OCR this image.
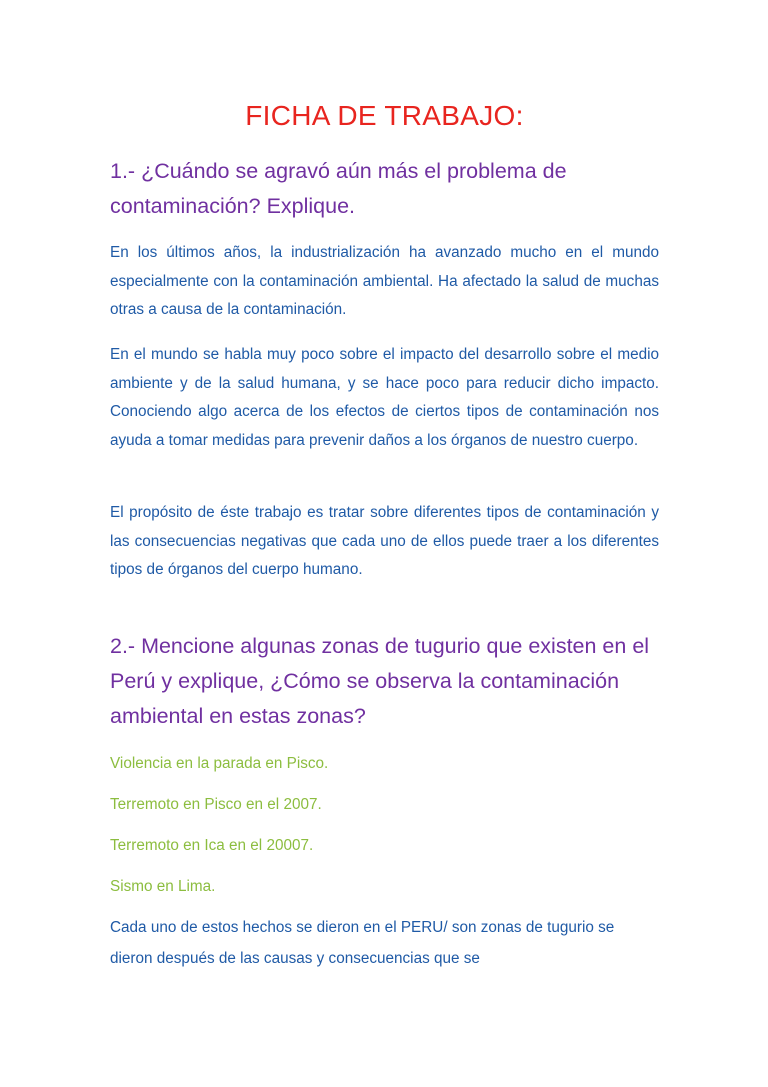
FICHA DE TRABAJO:
1.- ¿Cuándo se agravó aún más el problema de contaminación? Explique.

En los últimos años, la industrialización ha avanzado mucho en el mundo especialmente con la contaminación ambiental. Ha afectado la salud de muchas otras a causa de la contaminación.

En el mundo se habla muy poco sobre el impacto del desarrollo sobre el medio ambiente y de la salud humana, y se hace poco para reducir dicho impacto. Conociendo algo acerca de los efectos de ciertos tipos de contaminación nos ayuda a tomar medidas para prevenir daños a los órganos de nuestro cuerpo.

El propósito de éste trabajo es tratar sobre diferentes tipos de contaminación y las consecuencias negativas que cada uno de ellos puede traer a los diferentes tipos de órganos del cuerpo humano.

2.- Mencione algunas zonas de tugurio que existen en el Perú y explique, ¿Cómo se observa la contaminación ambiental en estas zonas?

Violencia en la parada en Pisco.

Terremoto en Pisco en el 2007.

Terremoto en Ica en el 20007.

Sismo en Lima.

Cada uno de estos hechos se dieron en el PERU/ son zonas de tugurio se dieron después de las causas y consecuencias que se
